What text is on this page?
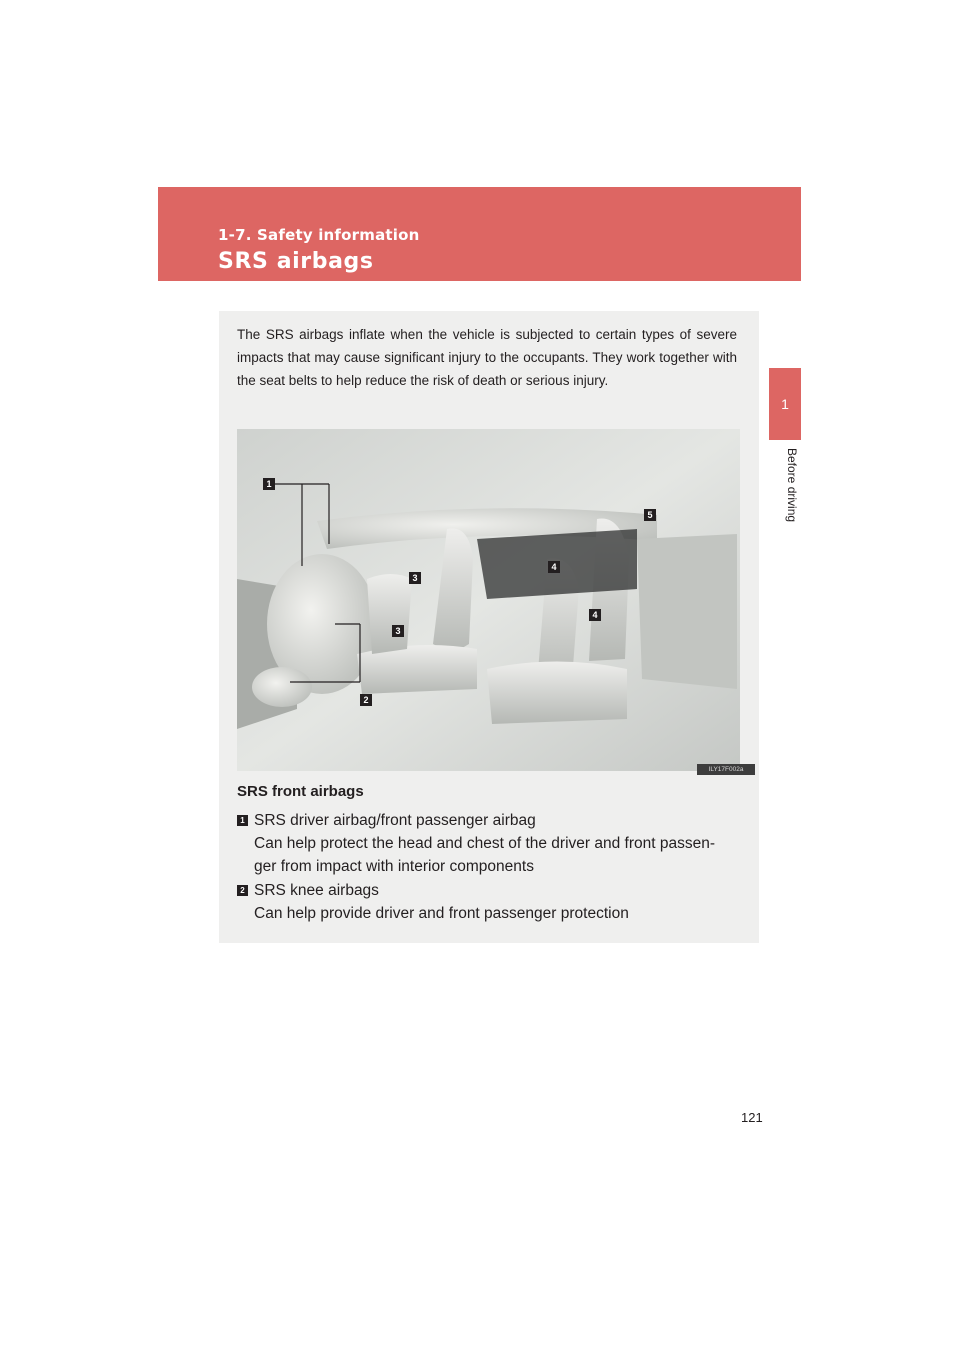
1-7. Safety information
SRS airbags
1
Before driving
The SRS airbags inflate when the vehicle is subjected to certain types of severe impacts that may cause significant injury to the occupants. They work together with the seat belts to help reduce the risk of death or serious injury.
1
2
3
3
4
4
5
ILY17F002a
SRS front airbags
1 SRS driver airbag/front passenger airbag
Can help protect the head and chest of the driver and front passen-
ger from impact with interior components
2 SRS knee airbags
Can help provide driver and front passenger protection
121
